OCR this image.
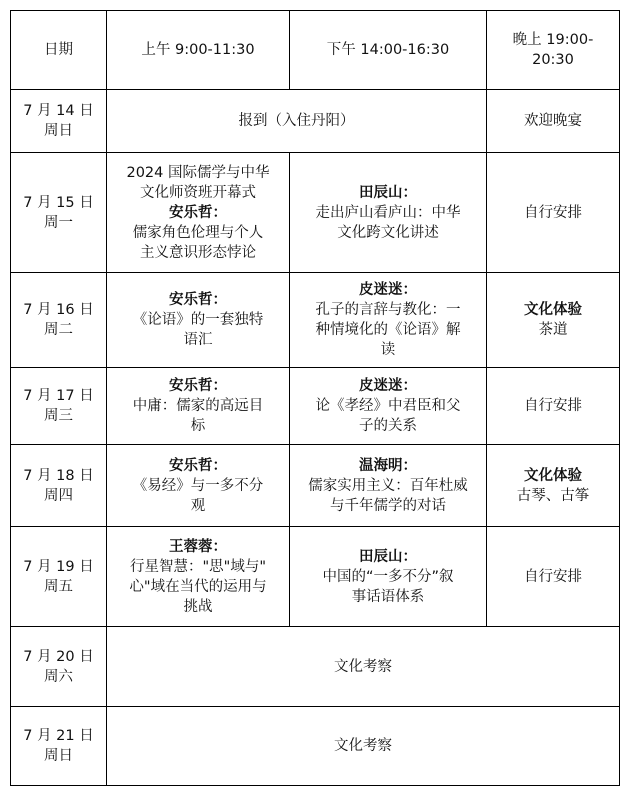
日期	上午 9:00-11:30	下午 14:00-16:30	晚上 19:00-
20:30

7 月 14 日
周日	报到（入住丹阳）		欢迎晚宴

7 月 15 日
周一	2024 国际儒学与中华
文化师资班开幕式
安乐哲：
儒家角色伦理与个人
主义意识形态悖论	田辰山：
走出庐山看庐山：中华
文化跨文化讲述	自行安排

7 月 16 日
周二	安乐哲：
《论语》的一套独特
语汇	皮迷迷：
孔子的言辞与教化：一
种情境化的《论语》解
读	文化体验
茶道

7 月 17 日
周三	安乐哲：
中庸：儒家的高远目
标	皮迷迷：
论《孝经》中君臣和父
子的关系	自行安排

7 月 18 日
周四	安乐哲：
《易经》与一多不分
观	温海明：
儒家实用主义：百年杜威
与千年儒学的对话	文化体验
古琴、古筝

7 月 19 日
周五	王蓉蓉：
行星智慧："思"域与"
心"域在当代的运用与
挑战	田辰山：
中国的“一多不分”叙
事话语体系	自行安排

7 月 20 日
周六	文化考察		

7 月 21 日
周日	文化考察		
